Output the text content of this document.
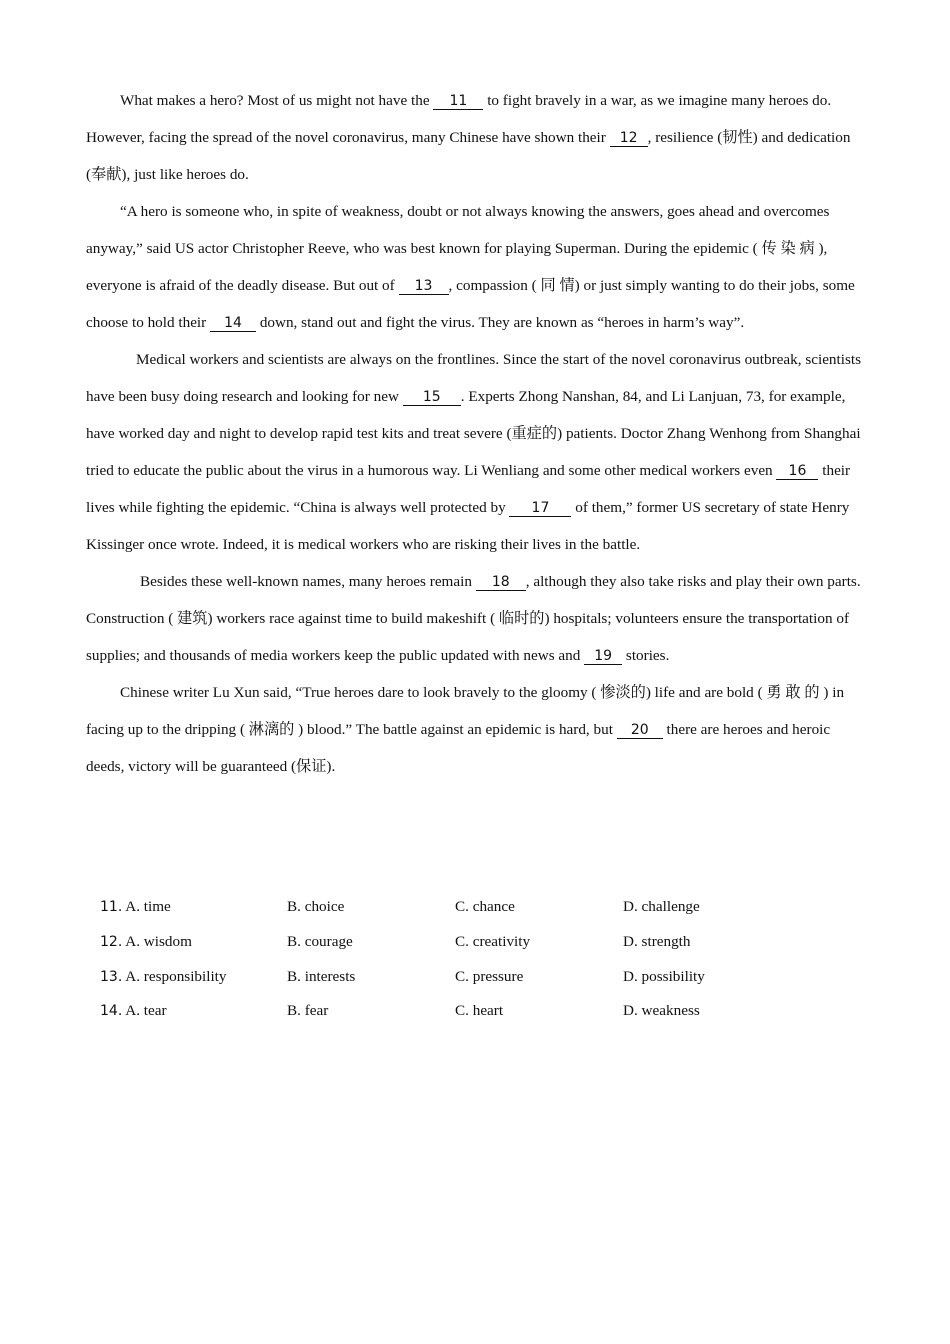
What makes a hero? Most of us might not have the 11 to fight bravely in a war, as we imagine many heroes do. However, facing the spread of the novel coronavirus, many Chinese have shown their 12 , resilience (韧性) and dedication (奉献), just like heroes do.

“A hero is someone who, in spite of weakness, doubt or not always knowing the answers, goes ahead and overcomes anyway,” said US actor Christopher Reeve, who was best known for playing Superman. During the epidemic ( 传 染 病 ), everyone is afraid of the deadly disease. But out of 13 , compassion ( 同 情) or just simply wanting to do their jobs, some choose to hold their 14 down, stand out and fight the virus. They are known as “heroes in harm’s way”.

Medical workers and scientists are always on the frontlines. Since the start of the novel coronavirus outbreak, scientists have been busy doing research and looking for new 15 . Experts Zhong Nanshan, 84, and Li Lanjuan, 73, for example, have worked day and night to develop rapid test kits and treat severe (重症的) patients. Doctor Zhang Wenhong from Shanghai tried to educate the public about the virus in a humorous way. Li Wenliang and some other medical workers even 16 their lives while fighting the epidemic. “China is always well protected by 17 of them,” former US secretary of state Henry Kissinger once wrote. Indeed, it is medical workers who are risking their lives in the battle.

Besides these well-known names, many heroes remain 18 , although they also take risks and play their own parts. Construction ( 建筑) workers race against time to build makeshift ( 临时的) hospitals; volunteers ensure the transportation of supplies; and thousands of media workers keep the public updated with news and 19 stories.

Chinese writer Lu Xun said, “True heroes dare to look bravely to the gloomy ( 惨淡的) life and are bold ( 勇 敢 的 ) in facing up to the dripping ( 淋漓的 ) blood.” The battle against an epidemic is hard, but 20 there are heroes and heroic deeds, victory will be guaranteed (保证).

11. A. time	B. choice	C. chance	D. challenge
12. A. wisdom	B. courage	C. creativity	D. strength
13. A. responsibility	B. interests	C. pressure	D. possibility
14. A. tear	B. fear	C. heart	D. weakness
